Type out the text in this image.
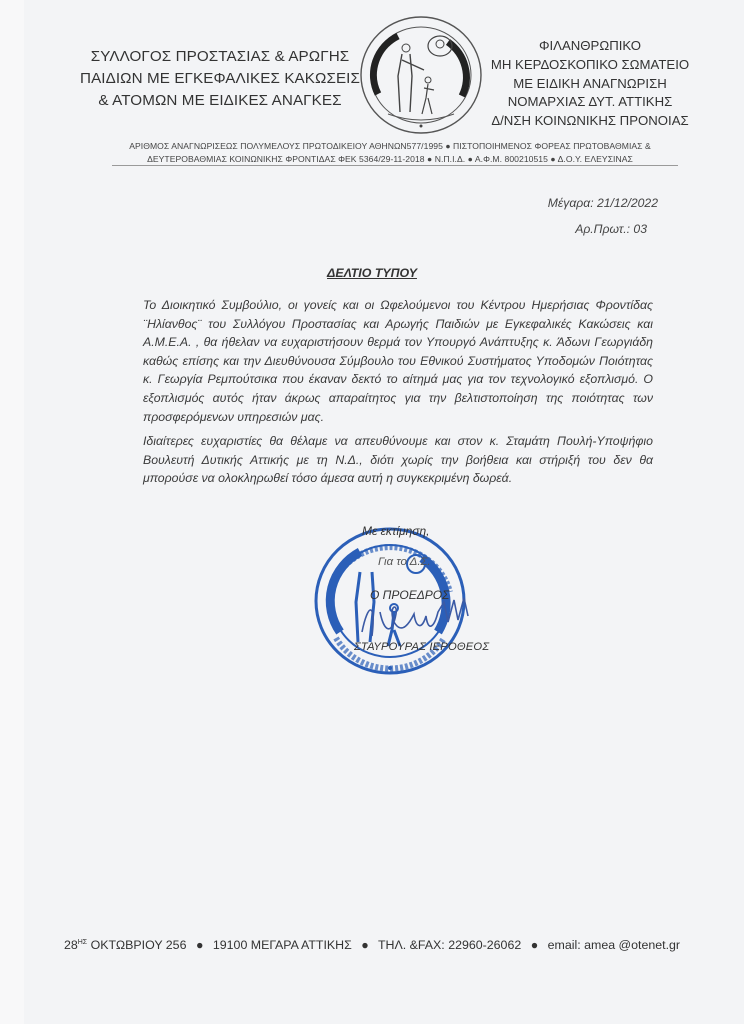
ΣΥΛΛΟΓΟΣ ΠΡΟΣΤΑΣΙΑΣ & ΑΡΩΓΗΣ
ΠΑΙΔΙΩΝ ΜΕ ΕΓΚΕΦΑΛΙΚΕΣ ΚΑΚΩΣΕΙΣ
& ΑΤΟΜΩΝ ΜΕ ΕΙΔΙΚΕΣ ΑΝΑΓΚΕΣ
ΦΙΛΑΝΘΡΩΠΙΚΟ
ΜΗ ΚΕΡΔΟΣΚΟΠΙΚΟ ΣΩΜΑΤΕΙΟ
ΜΕ ΕΙΔΙΚΗ ΑΝΑΓΝΩΡΙΣΗ
ΝΟΜΑΡΧΙΑΣ ΔΥΤ. ΑΤΤΙΚΗΣ
Δ/ΝΣΗ ΚΟΙΝΩΝΙΚΗΣ ΠΡΟΝΟΙΑΣ
ΑΡΙΘΜΟΣ ΑΝΑΓΝΩΡΙΣΕΩΣ ΠΟΛΥΜΕΛΟΥΣ ΠΡΩΤΟΔΙΚΕΙΟΥ ΑΘΗΝΩΝ577/1995 ● ΠΙΣΤΟΠΟΙΗΜΕΝΟΣ ΦΟΡΕΑΣ ΠΡΩΤΟΒΑΘΜΙΑΣ &
ΔΕΥΤΕΡΟΒΑΘΜΙΑΣ ΚΟΙΝΩΝΙΚΗΣ ΦΡΟΝΤΙΔΑΣ ΦΕΚ 5364/29-11-2018 ● Ν.Π.Ι.Δ. ● Α.Φ.Μ. 800210515 ● Δ.Ο.Υ. ΕΛΕΥΣΙΝΑΣ
Μέγαρα: 21/12/2022
Αρ.Πρωτ.: 03
ΔΕΛΤΙΟ ΤΥΠΟΥ
Το Διοικητικό Συμβούλιο, οι γονείς και οι Ωφελούμενοι του Κέντρου Ημερήσιας Φροντίδας ¨Ηλίανθος¨ του Συλλόγου Προστασίας και Αρωγής Παιδιών με Εγκεφαλικές Κακώσεις και Α.Μ.Ε.Α. , θα ήθελαν να ευχαριστήσουν θερμά τον Υπουργό Ανάπτυξης κ. Άδωνι Γεωργιάδη καθώς επίσης και την Διευθύνουσα Σύμβουλο του Εθνικού Συστήματος Υποδομών Ποιότητας κ. Γεωργία Ρεμπούτσικα που έκαναν δεκτό το αίτημά μας για τον τεχνολογικό εξοπλισμό. Ο εξοπλισμός αυτός ήταν άκρως απαραίτητος για την βελτιστοποίηση της ποιότητας των προσφερόμενων υπηρεσιών μας.
Ιδιαίτερες ευχαριστίες θα θέλαμε να απευθύνουμε και στον κ. Σταμάτη Πουλή-Υποψήφιο Βουλευτή Δυτικής Αττικής με τη Ν.Δ., διότι χωρίς την βοήθεια και στήριξή του δεν θα μπορούσε να ολοκληρωθεί τόσο άμεσα αυτή η συγκεκριμένη δωρεά.
Με εκτίμηση,
Για το Δ.Σ.
Ο ΠΡΟΕΔΡΟΣ
ΣΤΑΥΡΟΥΡΑΣ ΙΕΡΟΘΕΟΣ
$28^{H\Sigma}$ ΟΚΤΩΒΡΙΟΥ 256 ● 19100 ΜΕΓΑΡΑ ΑΤΤΙΚΗΣ ● ΤΗΛ. &FAX: 22960-26062 ● email: amea @otenet.gr
